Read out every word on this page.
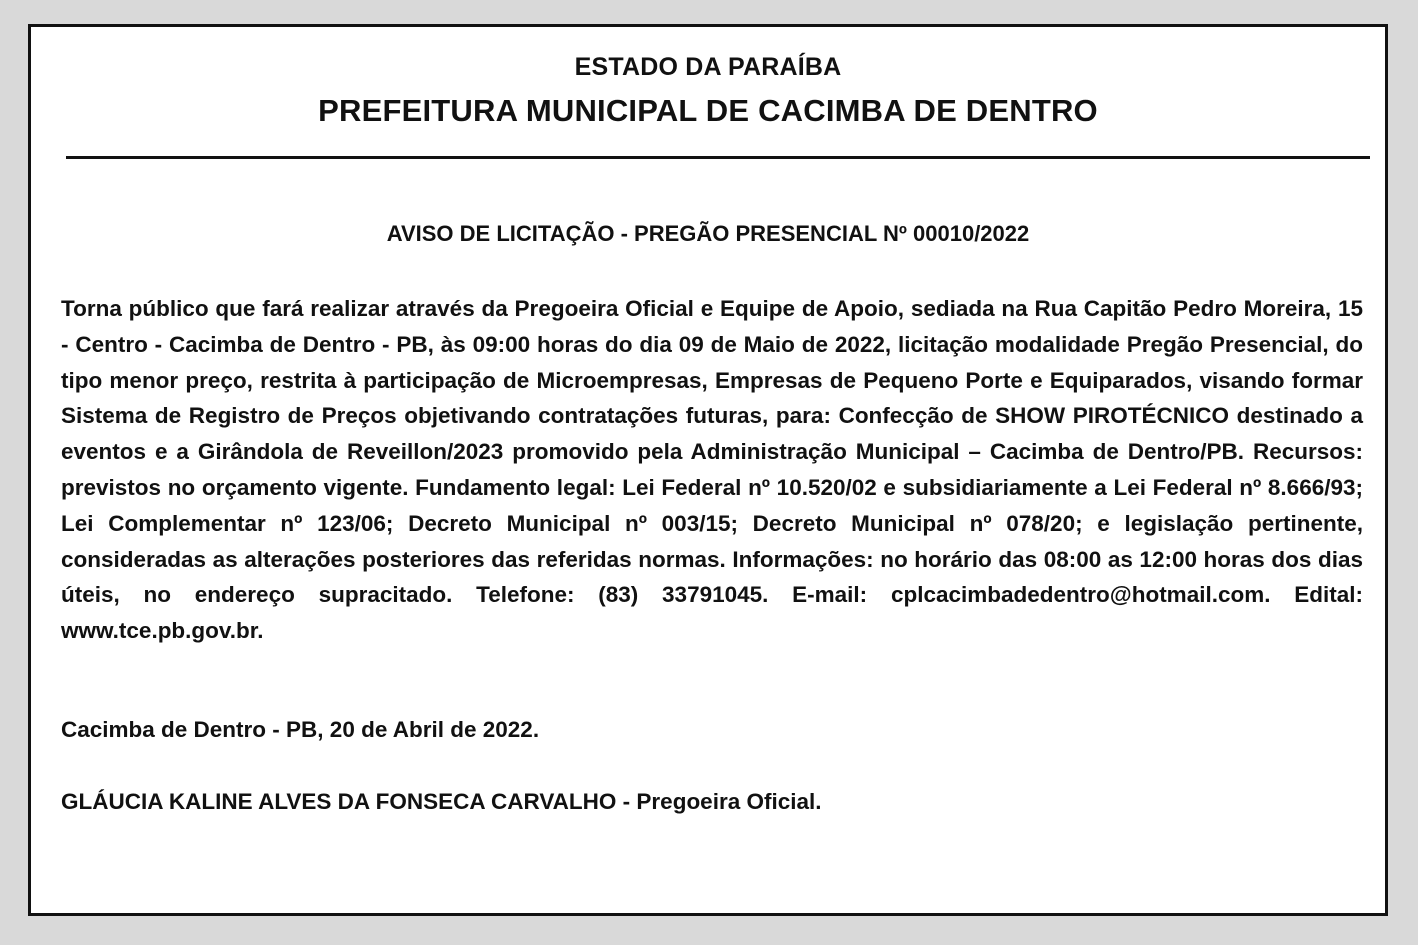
ESTADO DA PARAÍBA
PREFEITURA MUNICIPAL DE CACIMBA DE DENTRO
AVISO DE LICITAÇÃO - PREGÃO PRESENCIAL Nº 00010/2022

Torna público que fará realizar através da Pregoeira Oficial e Equipe de Apoio, sediada na Rua Capitão Pedro Moreira, 15 - Centro - Cacimba de Dentro - PB, às 09:00 horas do dia 09 de Maio de 2022, licitação modalidade Pregão Presencial, do tipo menor preço, restrita à participação de Microempresas, Empresas de Pequeno Porte e Equiparados, visando formar Sistema de Registro de Preços objetivando contratações futuras, para: Confecção de SHOW PIROTÉCNICO destinado a eventos e a Girândola de Reveillon/2023 promovido pela Administração Municipal – Cacimba de Dentro/PB. Recursos: previstos no orçamento vigente. Fundamento legal: Lei Federal nº 10.520/02 e subsidiariamente a Lei Federal nº 8.666/93; Lei Complementar nº 123/06; Decreto Municipal nº 003/15; Decreto Municipal nº 078/20; e legislação pertinente, consideradas as alterações posteriores das referidas normas. Informações: no horário das 08:00 as 12:00 horas dos dias úteis, no endereço supracitado. Telefone: (83) 33791045. E-mail: cplcacimbadedentro@hotmail.com. Edital: www.tce.pb.gov.br.

Cacimba de Dentro - PB, 20 de Abril de 2022.
GLÁUCIA KALINE ALVES DA FONSECA CARVALHO - Pregoeira Oficial.
